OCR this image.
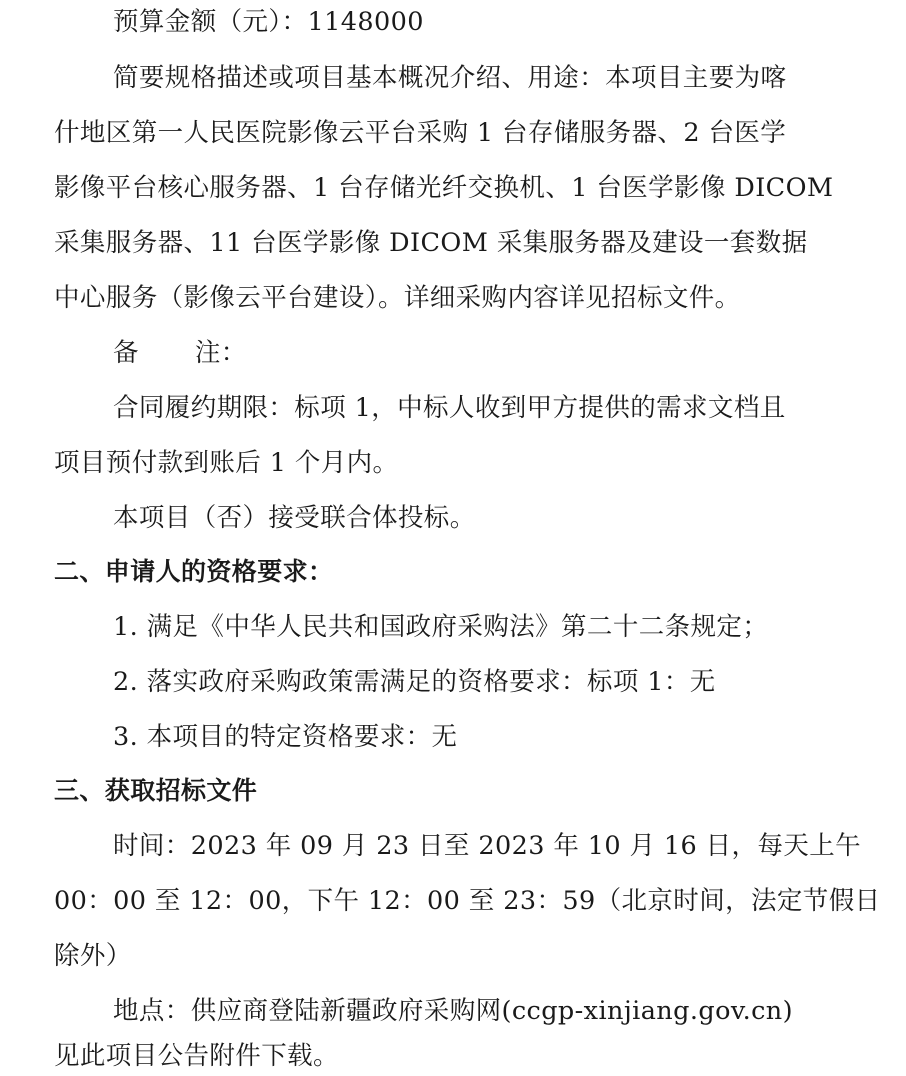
预算金额（元）：1148000
简要规格描述或项目基本概况介绍、用途：本项目主要为喀
什地区第一人民医院影像云平台采购 1 台存储服务器、2 台医学
影像平台核心服务器、1 台存储光纤交换机、1 台医学影像 DICOM
采集服务器、11 台医学影像 DICOM 采集服务器及建设一套数据
中心服务（影像云平台建设）。详细采购内容详见招标文件。
备 注：
合同履约期限：标项 1，中标人收到甲方提供的需求文档且
项目预付款到账后 1 个月内。
本项目（否）接受联合体投标。
二、申请人的资格要求：
1. 满足《中华人民共和国政府采购法》第二十二条规定；
2. 落实政府采购政策需满足的资格要求：标项 1：无
3. 本项目的特定资格要求：无
三、获取招标文件
时间：2023 年 09 月 23 日至 2023 年 10 月 16 日，每天上午
00：00 至 12：00，下午 12：00 至 23：59（北京时间，法定节假日
除外）
地点：供应商登陆新疆政府采购网(ccgp-xinjiang.gov.cn)
见此项目公告附件下载。
